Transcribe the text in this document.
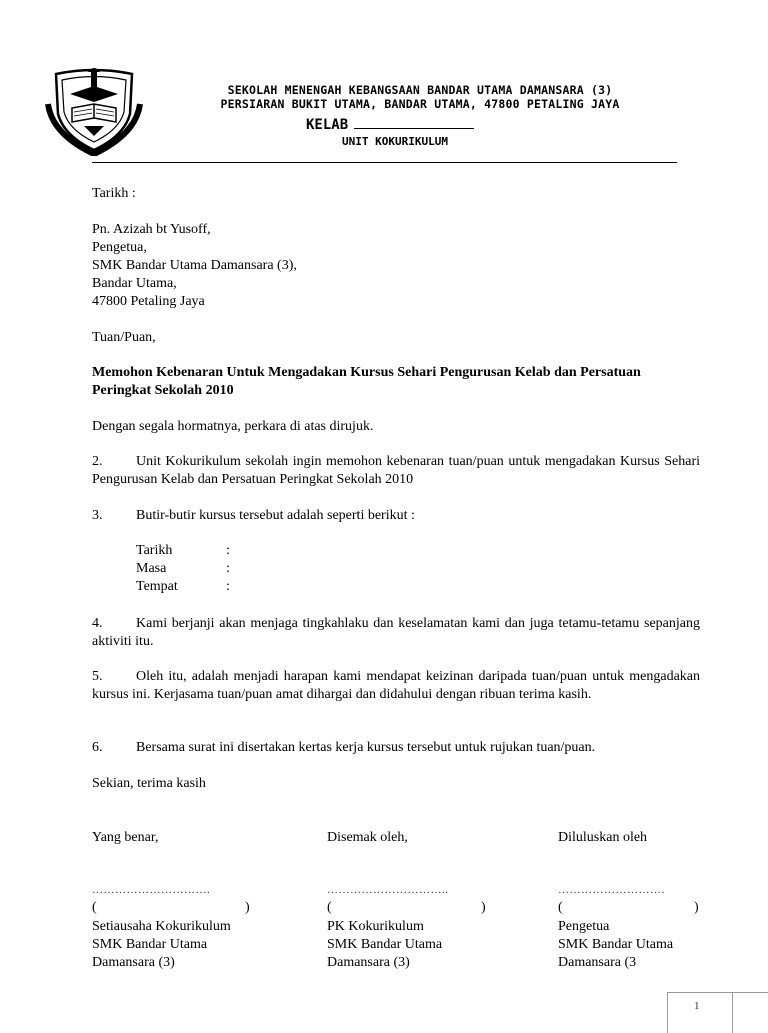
SEKOLAH MENENGAH KEBANGSAAN BANDAR UTAMA DAMANSARA (3)
PERSIARAN BUKIT UTAMA, BANDAR UTAMA, 47800 PETALING JAYA
KELAB
UNIT KOKURIKULUM
Tarikh :
Pn. Azizah bt Yusoff,
Pengetua,
SMK Bandar Utama Damansara (3),
Bandar Utama,
47800 Petaling Jaya
Tuan/Puan,
Memohon Kebenaran Untuk Mengadakan Kursus Sehari Pengurusan Kelab dan Persatuan Peringkat Sekolah 2010
Dengan segala hormatnya, perkara di atas dirujuk.
2. Unit Kokurikulum sekolah ingin memohon kebenaran tuan/puan untuk mengadakan Kursus Sehari Pengurusan Kelab dan Persatuan Peringkat Sekolah 2010
3. Butir-butir kursus tersebut adalah seperti berikut :
Tarikh	:
Masa	:
Tempat	:
4. Kami berjanji akan menjaga tingkahlaku dan keselamatan kami dan juga tetamu-tetamu sepanjang aktiviti itu.
5. Oleh itu, adalah menjadi harapan kami mendapat keizinan daripada tuan/puan untuk mengadakan kursus ini. Kerjasama tuan/puan amat dihargai dan didahului dengan ribuan terima kasih.
6. Bersama surat ini disertakan kertas kerja kursus tersebut untuk rujukan tuan/puan.
Sekian, terima kasih
Yang benar,
………………………….
(	)
Setiausaha Kokurikulum
SMK Bandar Utama
Damansara (3)
Disemak oleh,
…………………………..
(	)
PK Kokurikulum
SMK Bandar Utama
Damansara (3)
Diluluskan oleh
……………………….
(	)
Pengetua
SMK Bandar Utama
Damansara (3
1
